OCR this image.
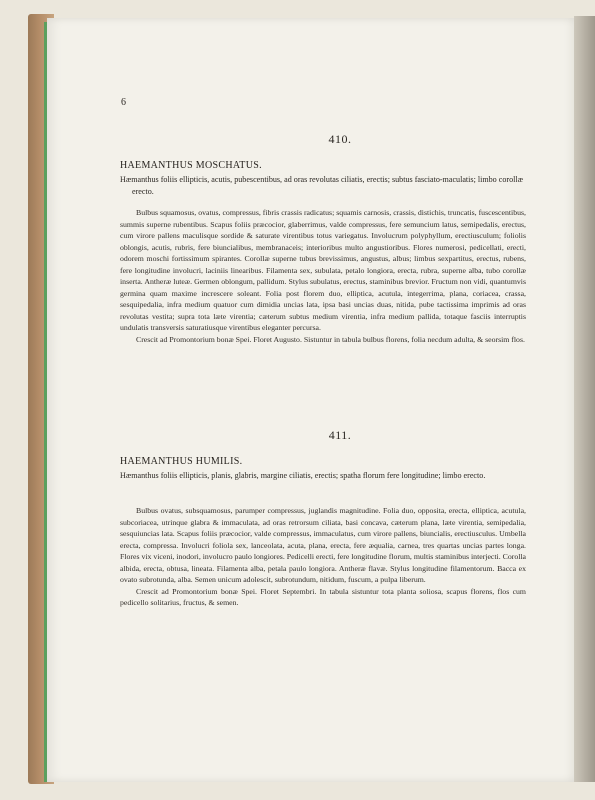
6
410.
HAEMANTHUS MOSCHATUS.
Hæmanthus foliis ellipticis, acutis, pubescentibus, ad oras revolutas ciliatis, erectis; subtus fasciato-maculatis; limbo corollæ erecto.

Bulbus squamosus, ovatus, compressus, fibris crassis radicatus; squamis carnosis, crassis, distichis, truncatis, fuscescentibus, summis superne rubentibus. Scapus foliis præcocior, glaberrimus, valde compressus, fere semuncium latus, semipedalis, erectus, cum virore pallens maculisque sordide & saturate virentibus totus variegatus. Involucrum polyphyllum, erectiusculum; foliolis oblongis, acutis, rubris, fere biuncialibus, membranaceis; interioribus multo angustioribus. Flores numerosi, pedicellati, erecti, odorem moschi fortissimum spirantes. Corollæ superne tubus brevissimus, angustus, albus; limbus sexpartitus, erectus, rubens, fere longitudine involucri, laciniis linearibus. Filamenta sex, subulata, petalo longiora, erecta, rubra, superne alba, tubo corollæ inserta. Antheræ luteæ. Germen oblongum, pallidum. Stylus subulatus, erectus, staminibus brevior. Fructum non vidi, quantumvis germina quam maxime increscere soleant. Folia post florem duo, elliptica, acutula, integerrima, plana, coriacea, crassa, sesquipedalia, infra medium quatuor cum dimidia uncias lata, ipsa basi uncias duas, nitida, pube tactissima imprimis ad oras revolutas vestita; supra tota læte virentia; cæterum subtus medium virentia, infra medium pallida, totaque fasciis interruptis undulatis transversis saturatiusque virentibus eleganter percursa.

Crescit ad Promontorium bonæ Spei. Floret Augusto. Sistuntur in tabula bulbus florens, folia necdum adulta, & seorsim flos.

411.
HAEMANTHUS HUMILIS.
Hæmanthus foliis ellipticis, planis, glabris, margine ciliatis, erectis; spatha florum fere longitudine; limbo erecto.

Bulbus ovatus, subsquamosus, parumper compressus, juglandis magnitudine. Folia duo, opposita, erecta, elliptica, acutula, subcoriacea, utrinque glabra & immaculata, ad oras retrorsum ciliata, basi concava, cæterum plana, læte virentia, semipedalia, sesquiuncias lata. Scapus foliis præcocior, valde compressus, immaculatus, cum virore pallens, biuncialis, erectiusculus. Umbella erecta, compressa. Involucri foliola sex, lanceolata, acuta, plana, erecta, fere æqualia, carnea, tres quartas uncias partes longa. Flores vix viceni, inodori, involucro paulo longiores. Pedicelli erecti, fere longitudine florum, multis staminibus interjecti. Corolla albida, erecta, obtusa, lineata. Filamenta alba, petala paulo longiora. Antheræ flavæ. Stylus longitudine filamentorum. Bacca ex ovato subrotunda, alba. Semen unicum adolescit, subrotundum, nitidum, fuscum, a pulpa liberum.

Crescit ad Promontorium bonæ Spei. Floret Septembri. In tabula sistuntur tota planta soliosa, scapus florens, flos cum pedicello solitarius, fructus, & semen.
